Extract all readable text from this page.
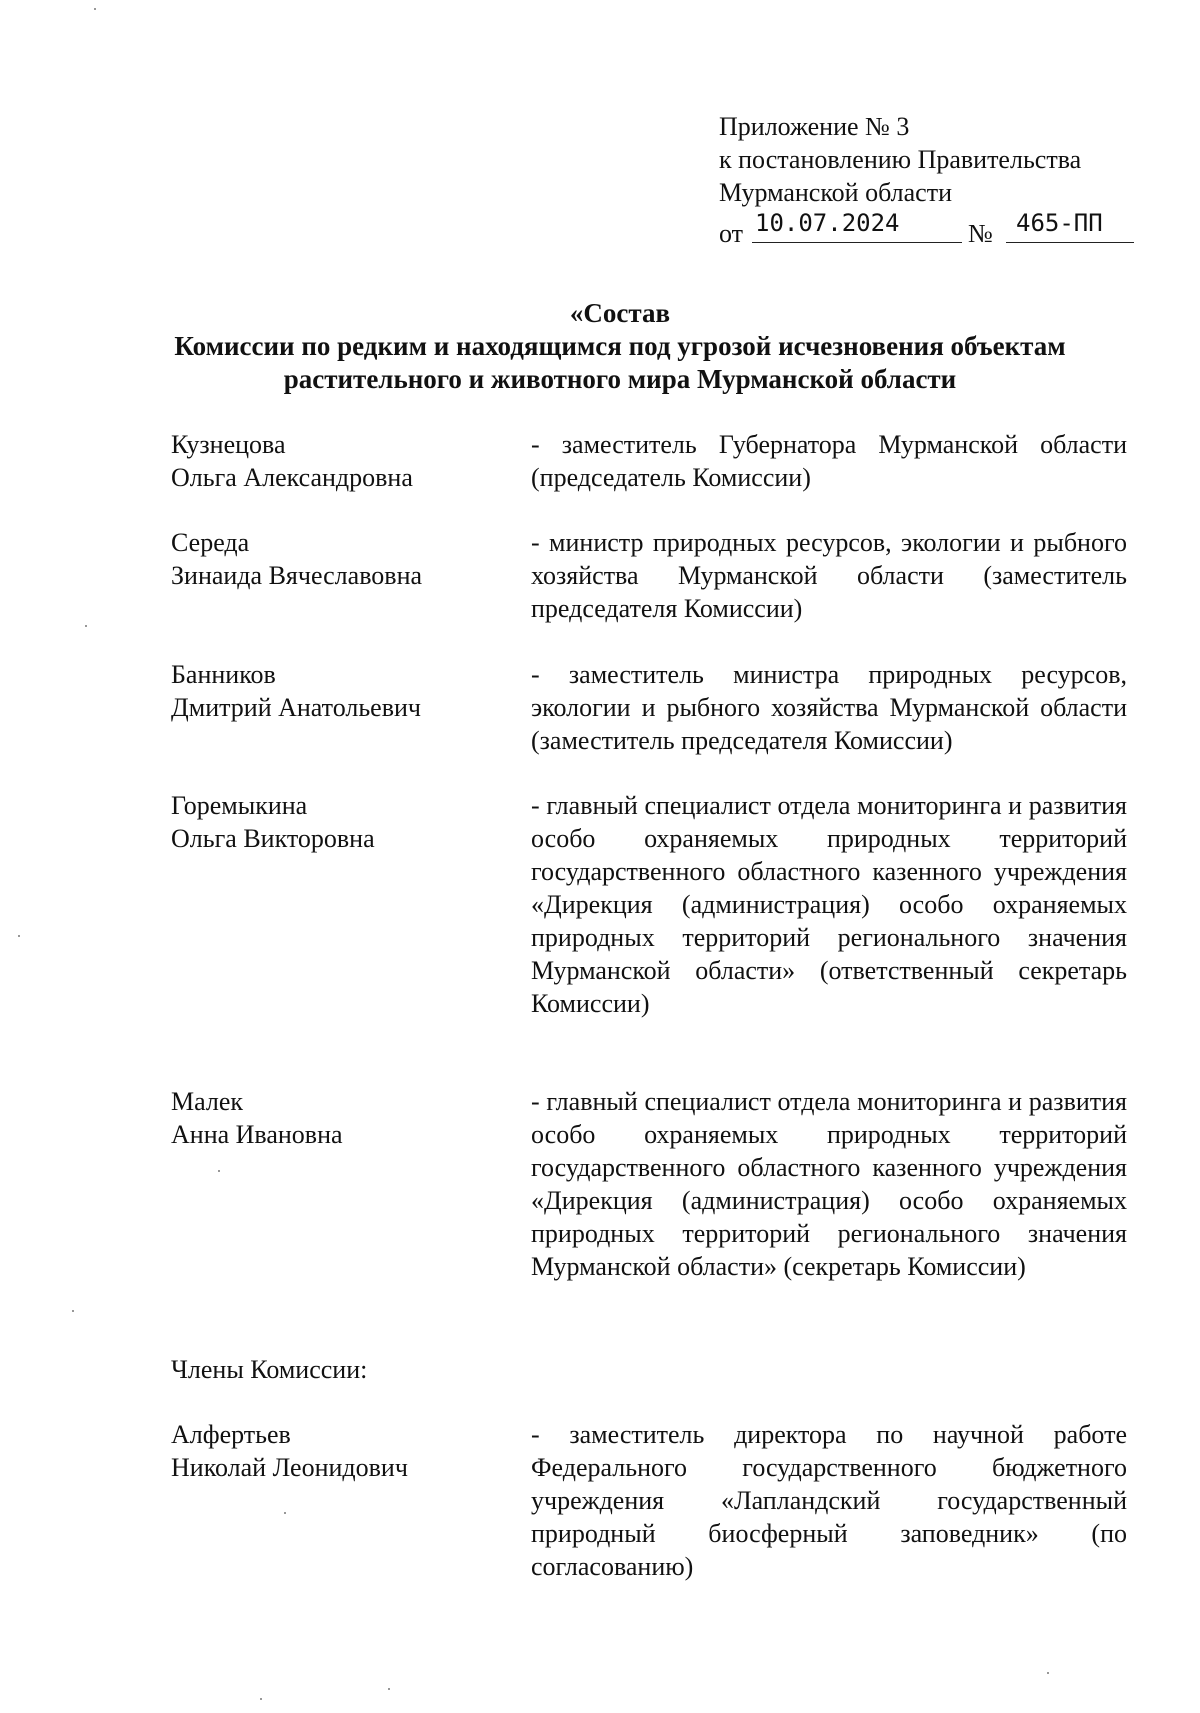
Приложение № 3
к постановлению Правительства
Мурманской области
от 10.07.2024	№ 465-ПП
«Состав
Комиссии по редким и находящимся под угрозой исчезновения объектам
растительного и животного мира Мурманской области
Кузнецова
Ольга Александровна
- заместитель Губернатора Мурманской области (председатель Комиссии)
Середа
Зинаида Вячеславовна
- министр природных ресурсов, экологии и рыбного хозяйства Мурманской области (заместитель председателя Комиссии)
Банников
Дмитрий Анатольевич
- заместитель министра природных ресурсов, экологии и рыбного хозяйства Мурманской области (заместитель председателя Комиссии)
Горемыкина
Ольга Викторовна
- главный специалист отдела мониторинга и развития особо охраняемых природных территорий государственного областного казенного учреждения «Дирекция (администрация) особо охраняемых природных территорий регионального значения Мурманской области» (ответственный секретарь Комиссии)
Малек
Анна Ивановна
- главный специалист отдела мониторинга и развития особо охраняемых природных территорий государственного областного казенного учреждения «Дирекция (администрация) особо охраняемых природных территорий регионального значения Мурманской области» (секретарь Комиссии)
Члены Комиссии:
Алфертьев
Николай Леонидович
- заместитель директора по научной работе Федерального государственного бюджетного учреждения «Лапландский государственный природный биосферный заповедник» (по согласованию)
